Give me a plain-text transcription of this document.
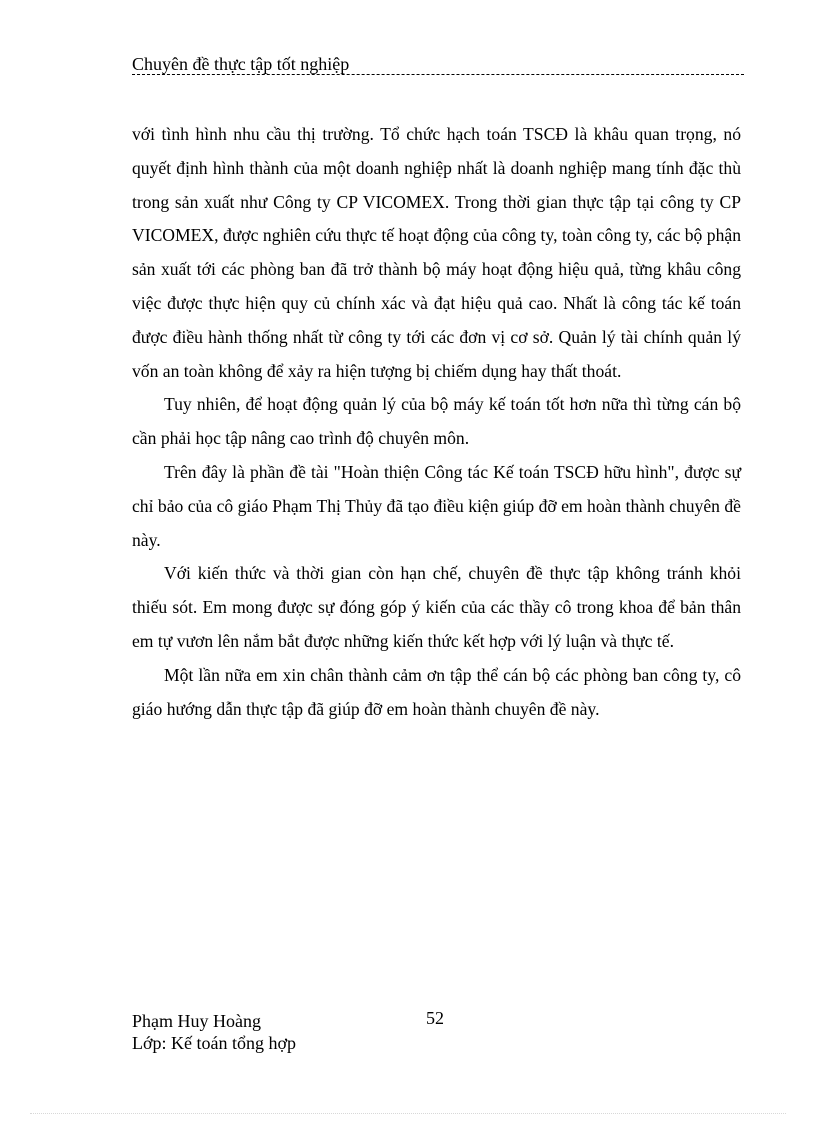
Chuyên đề thực tập tốt nghiệp

với tình hình nhu cầu thị trường. Tổ chức hạch toán TSCĐ là khâu quan trọng, nó quyết định hình thành của một doanh nghiệp nhất là doanh nghiệp mang tính đặc thù trong sản xuất như Công ty CP VICOMEX. Trong thời gian thực tập tại công ty CP VICOMEX, được nghiên cứu thực tế hoạt động của công ty, toàn công ty, các bộ phận sản xuất tới các phòng ban đã trở thành bộ máy hoạt động hiệu quả, từng khâu công việc được thực hiện quy củ chính xác và đạt hiệu quả cao. Nhất là công tác kế toán được điều hành thống nhất từ công ty tới các đơn vị cơ sở. Quản lý tài chính quản lý vốn an toàn không để xảy ra hiện tượng bị chiếm dụng hay thất thoát.

Tuy nhiên, để hoạt động quản lý của bộ máy kế toán tốt hơn nữa thì từng cán bộ cần phải học tập nâng cao trình độ chuyên môn.

Trên đây là phần đề tài "Hoàn thiện Công tác Kế toán TSCĐ hữu hình", được sự chỉ bảo của cô giáo Phạm Thị Thủy đã tạo điều kiện giúp đỡ em hoàn thành chuyên đề này.

Với kiến thức và thời gian còn hạn chế, chuyên đề thực tập không tránh khỏi thiếu sót. Em mong được sự đóng góp ý kiến của các thầy cô trong khoa để bản thân em tự vươn lên nắm bắt được những kiến thức kết hợp với lý luận và thực tế.

Một lần nữa em xin chân thành cảm ơn tập thể cán bộ các phòng ban công ty, cô giáo hướng dẫn thực tập đã giúp đỡ em hoàn thành chuyên đề này.

Phạm Huy Hoàng
Lớp: Kế toán tổng hợp
52
